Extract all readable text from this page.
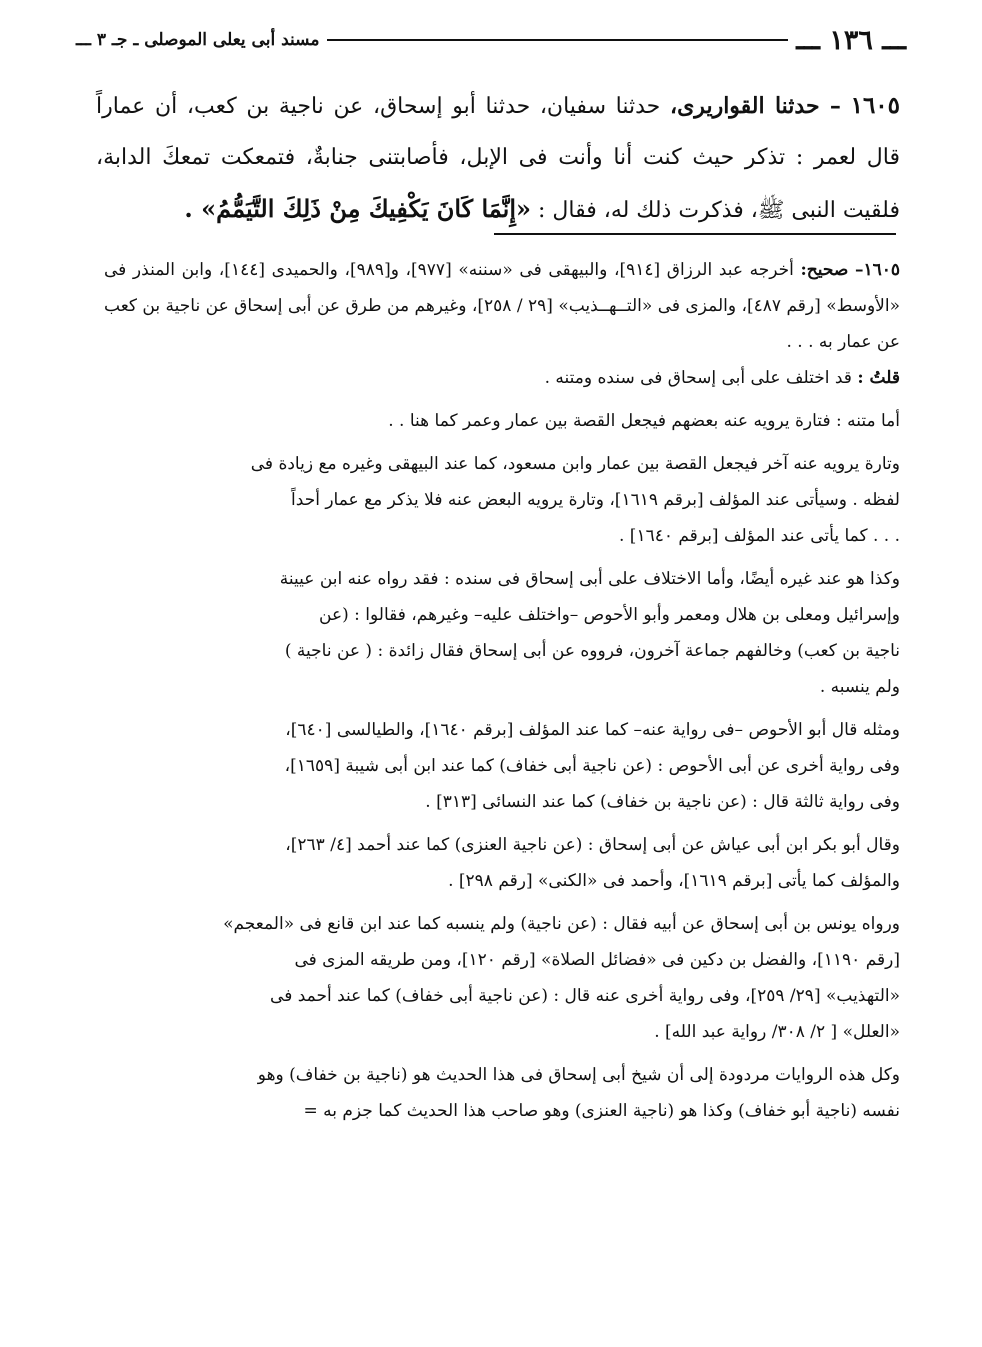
ـــ ١٣٦ ـــ
مسند أبى يعلى الموصلى ـ جـ ٣ ـــ
١٦٠٥ – حدثنا القواريرى، حدثنا سفيان، حدثنا أبو إسحاق، عن ناجية بن كعب، أن عماراً قال لعمر : تذكر حيث كنت أنا وأنت فى الإبل، فأصابتنى جنابةٌ، فتمعكت تمعكَ الدابة، فلقيت النبى ﷺ، فذكرت ذلك له، فقال : «إِنَّمَا كَانَ يَكْفِيكَ مِنْ ذَلِكَ التَّيَمُّمُ» .

١٦٠٥– صحيح: أخرجه عبد الرزاق [٩١٤]، والبيهقى فى «سننه» [٩٧٧]، و[٩٨٩]، والحميدى [١٤٤]، وابن المنذر فى «الأوسط» [رقم ٤٨٧]، والمزى فى «التــهــذيب» [٢٩ / ٢٥٨]، وغيرهم من طرق عن أبى إسحاق عن ناجية بن كعب عن عمار به . . .
قلتُ : قد اختلف على أبى إسحاق فى سنده ومتنه .

أما متنه : فتارة يرويه عنه بعضهم فيجعل القصة بين عمار وعمر كما هنا . .

وتارة يرويه عنه آخر فيجعل القصة بين عمار وابن مسعود، كما عند البيهقى وغيره مع زيادة فى
لفظه . وسيأتى عند المؤلف [برقم ١٦١٩]، وتارة يرويه البعض عنه فلا يذكر مع عمار أحداً
. . . كما يأتى عند المؤلف [برقم ١٦٤٠] .

وكذا هو عند غيره أيضًا، وأما الاختلاف على أبى إسحاق فى سنده : فقد رواه عنه ابن عيينة
وإسرائيل ومعلى بن هلال ومعمر وأبو الأحوص –واختلف عليه– وغيرهم، فقالوا : (عن
ناجية بن كعب) وخالفهم جماعة آخرون، فرووه عن أبى إسحاق فقال زائدة : ( عن ناجية )
ولم ينسبه .

ومثله قال أبو الأحوص –فى رواية عنه– كما عند المؤلف [برقم ١٦٤٠]، والطيالسى [٦٤٠]،
وفى رواية أخرى عن أبى الأحوص : (عن ناجية أبى خفاف) كما عند ابن أبى شيبة [١٦٥٩]،
وفى رواية ثالثة قال : (عن ناجية بن خفاف) كما عند النسائى [٣١٣] .

وقال أبو بكر ابن أبى عياش عن أبى إسحاق : (عن ناجية العنزى) كما عند أحمد [٤/ ٢٦٣]،
والمؤلف كما يأتى [برقم ١٦١٩]، وأحمد فى «الكنى» [رقم ٢٩٨] .

ورواه يونس بن أبى إسحاق عن أبيه فقال : (عن ناجية) ولم ينسبه كما عند ابن قانع فى «المعجم»
[رقم ١١٩٠]، والفضل بن دكين فى «فضائل الصلاة» [رقم ١٢٠]، ومن طريقه المزى فى
«التهذيب» [٢٩/ ٢٥٩]، وفى رواية أخرى عنه قال : (عن ناجية أبى خفاف) كما عند أحمد فى
«العلل» [ ٢/ ٣٠٨/ رواية عبد الله] .

وكل هذه الروايات مردودة إلى أن شيخ أبى إسحاق فى هذا الحديث هو (ناجية بن خفاف) وهو
نفسه (ناجية أبو خفاف) وكذا هو (ناجية العنزى) وهو صاحب هذا الحديث كما جزم به =
